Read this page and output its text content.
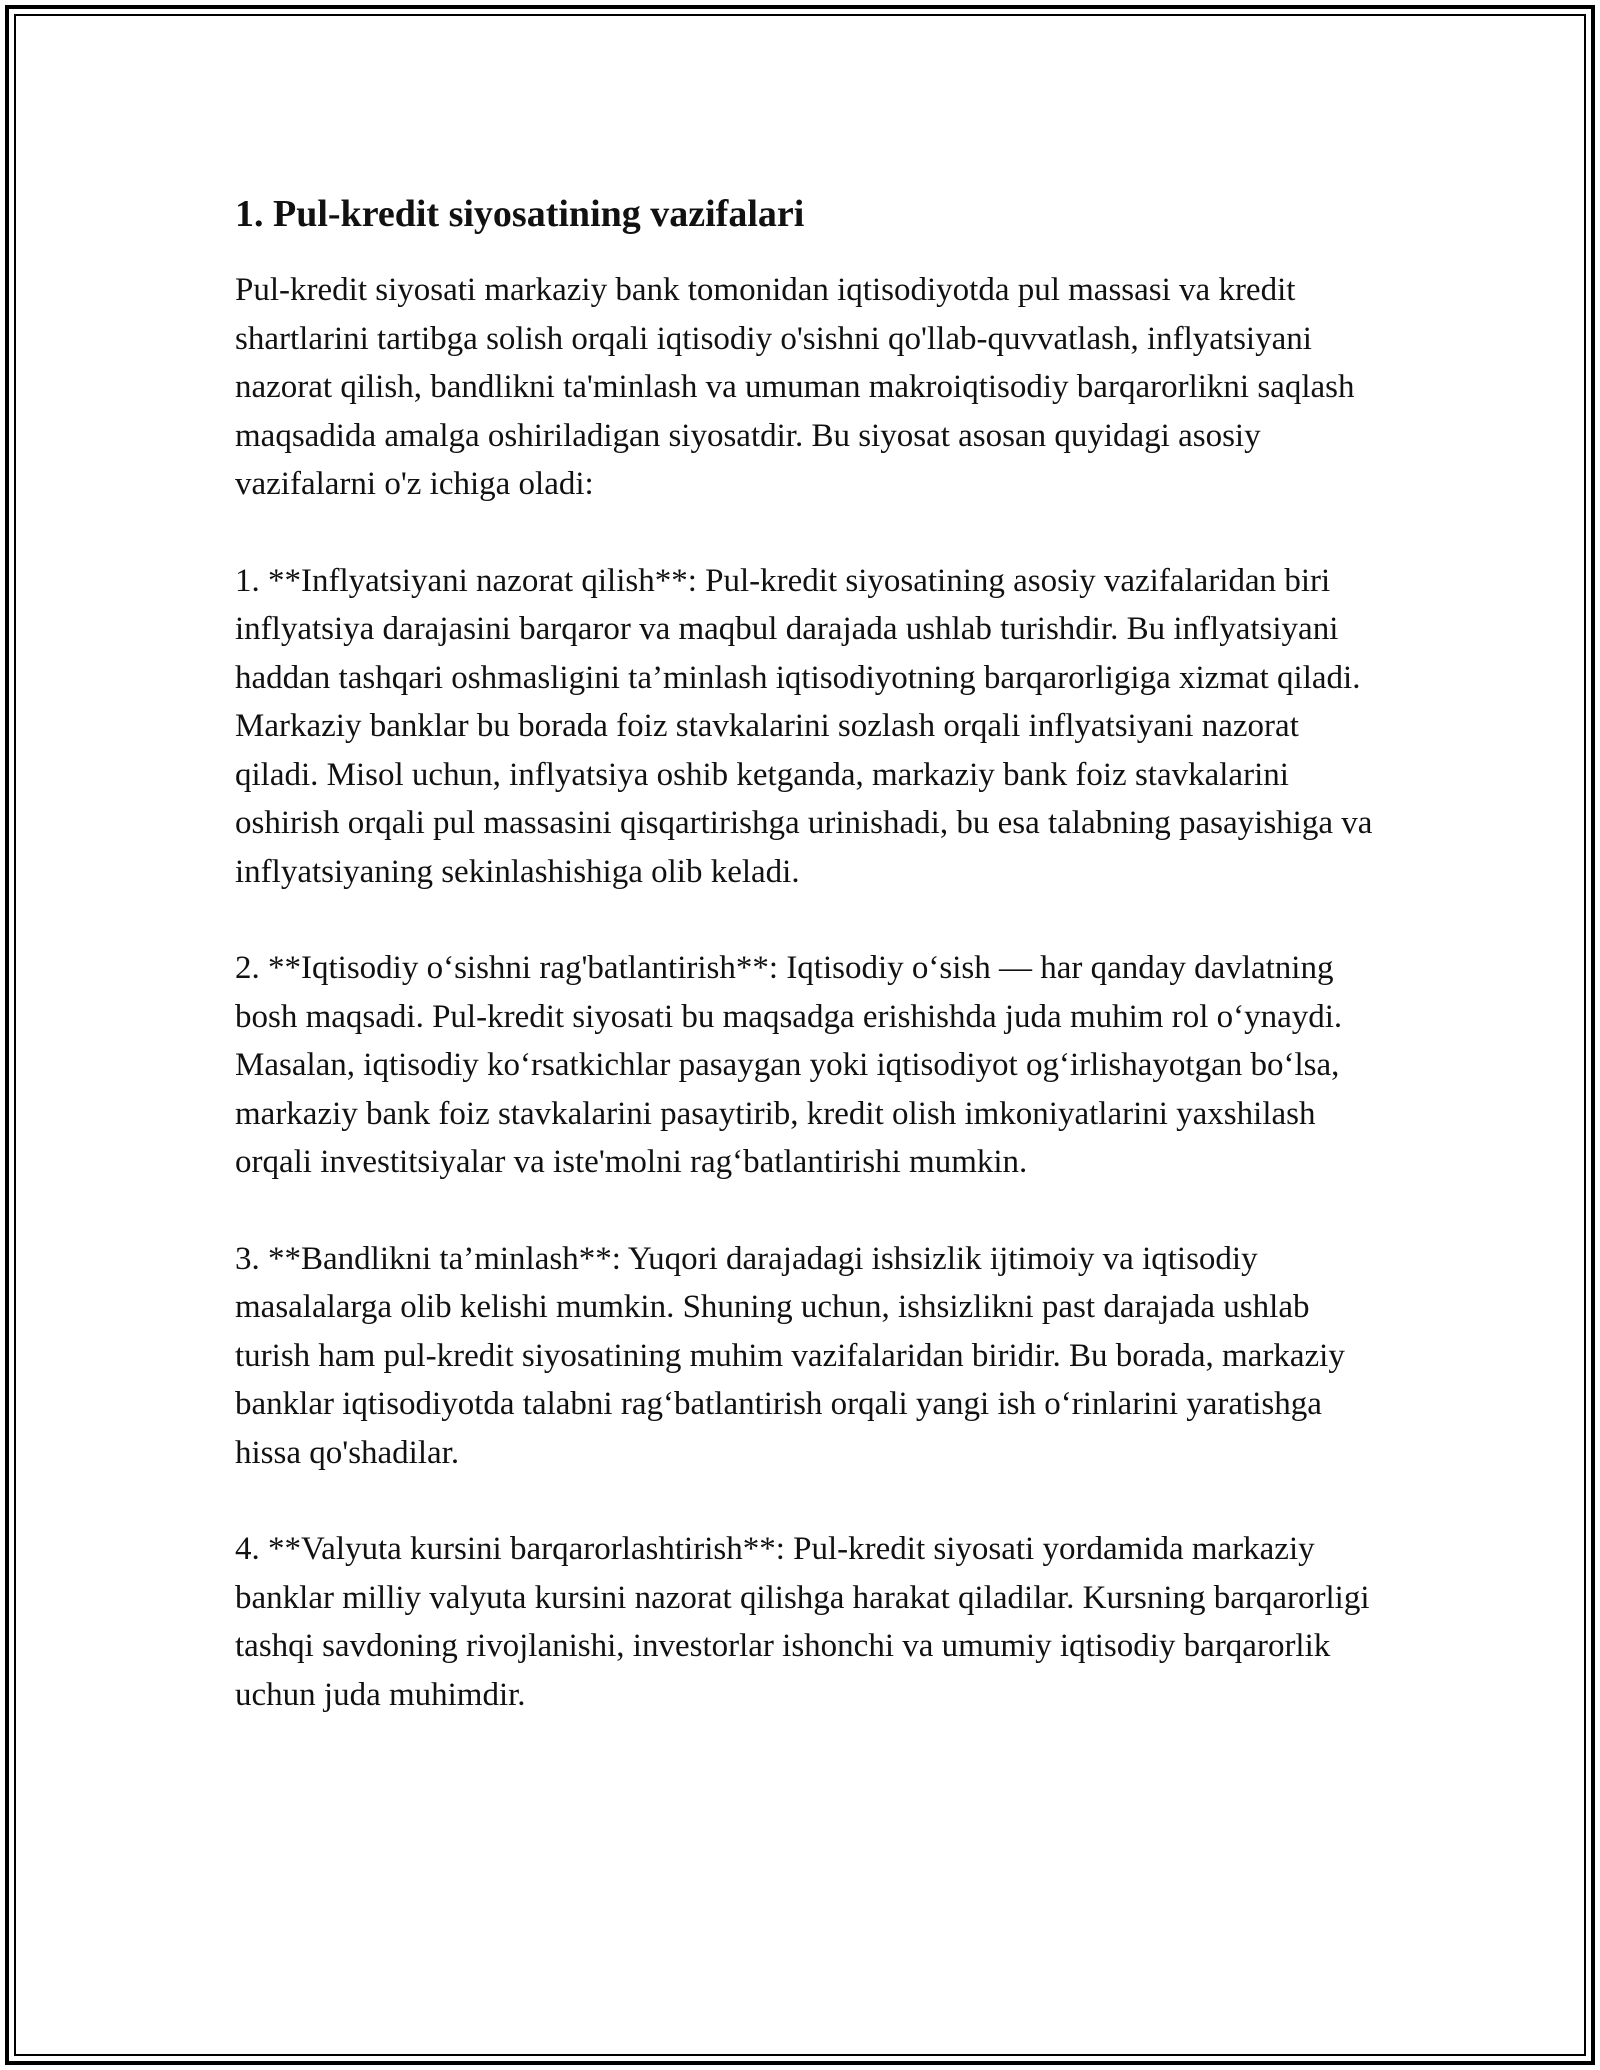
1. Pul-kredit siyosatining vazifalari

Pul-kredit siyosati markaziy bank tomonidan iqtisodiyotda pul massasi va kredit shartlarini tartibga solish orqali iqtisodiy o'sishni qo'llab-quvvatlash, inflyatsiyani nazorat qilish, bandlikni ta'minlash va umuman makroiqtisodiy barqarorlikni saqlash maqsadida amalga oshiriladigan siyosatdir. Bu siyosat asosan quyidagi asosiy vazifalarni o'z ichiga oladi:

1. **Inflyatsiyani nazorat qilish**: Pul-kredit siyosatining asosiy vazifalaridan biri inflyatsiya darajasini barqaror va maqbul darajada ushlab turishdir. Bu inflyatsiyani haddan tashqari oshmasligini ta’minlash iqtisodiyotning barqarorligiga xizmat qiladi. Markaziy banklar bu borada foiz stavkalarini sozlash orqali inflyatsiyani nazorat qiladi. Misol uchun, inflyatsiya oshib ketganda, markaziy bank foiz stavkalarini oshirish orqali pul massasini qisqartirishga urinishadi, bu esa talabning pasayishiga va inflyatsiyaning sekinlashishiga olib keladi.

2. **Iqtisodiy o‘sishni rag'batlantirish**: Iqtisodiy o‘sish — har qanday davlatning bosh maqsadi. Pul-kredit siyosati bu maqsadga erishishda juda muhim rol o‘ynaydi. Masalan, iqtisodiy ko‘rsatkichlar pasaygan yoki iqtisodiyot og‘irlishayotgan bo‘lsa, markaziy bank foiz stavkalarini pasaytirib, kredit olish imkoniyatlarini yaxshilash orqali investitsiyalar va iste'molni rag‘batlantirishi mumkin.

3. **Bandlikni ta’minlash**: Yuqori darajadagi ishsizlik ijtimoiy va iqtisodiy masalalarga olib kelishi mumkin. Shuning uchun, ishsizlikni past darajada ushlab turish ham pul-kredit siyosatining muhim vazifalaridan biridir. Bu borada, markaziy banklar iqtisodiyotda talabni rag‘batlantirish orqali yangi ish o‘rinlarini yaratishga hissa qo'shadilar.

4. **Valyuta kursini barqarorlashtirish**: Pul-kredit siyosati yordamida markaziy banklar milliy valyuta kursini nazorat qilishga harakat qiladilar. Kursning barqarorligi tashqi savdoning rivojlanishi, investorlar ishonchi va umumiy iqtisodiy barqarorlik uchun juda muhimdir.
